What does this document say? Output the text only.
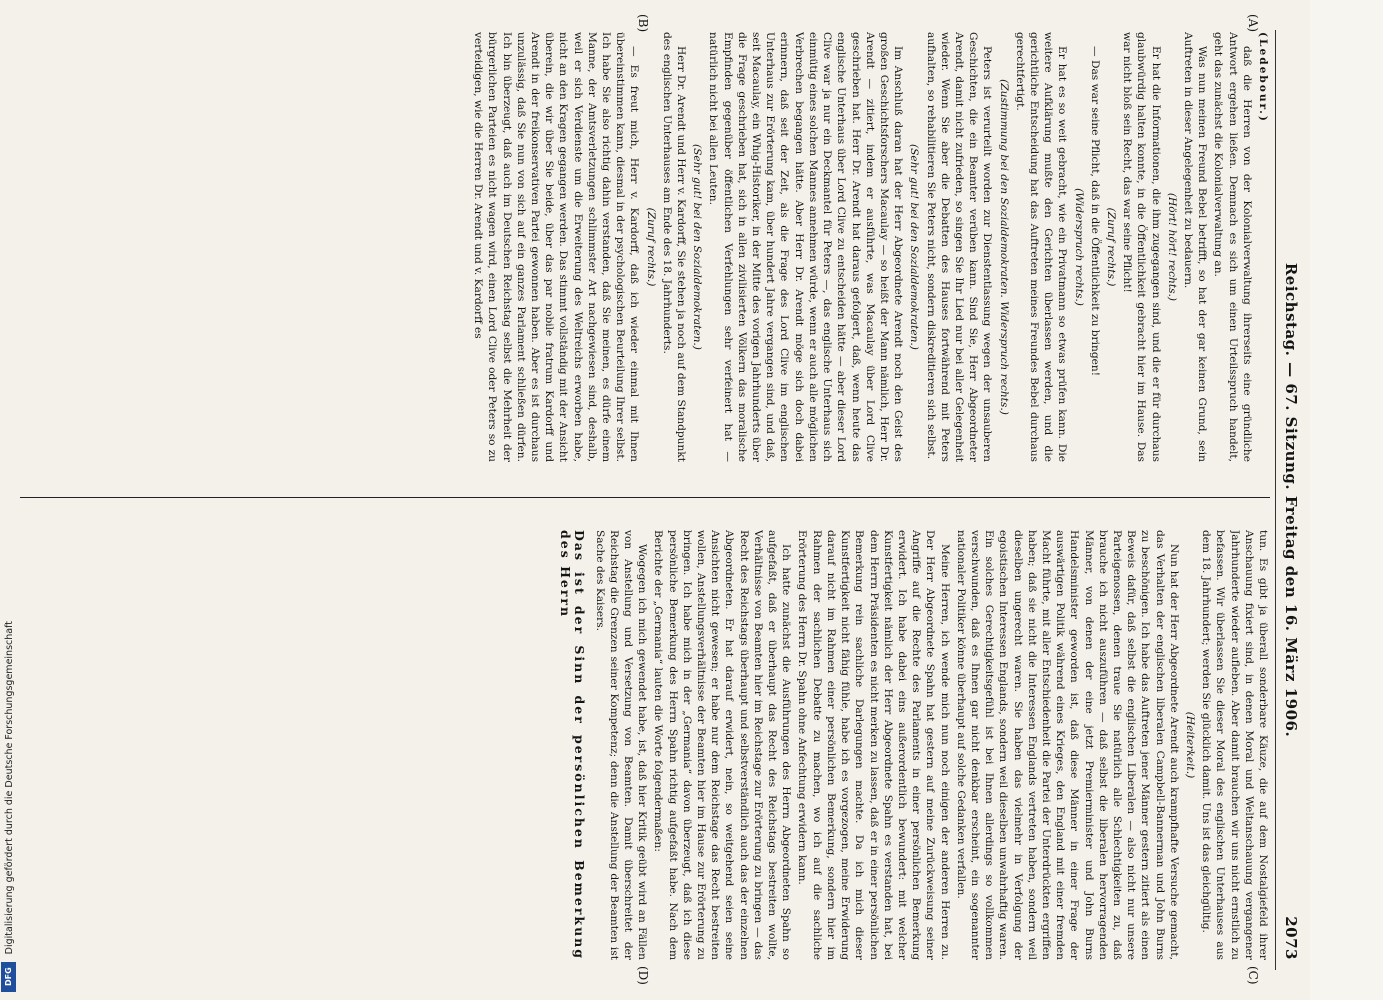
Reichstag. — 67. Sitzung. Freitag den 16. März 1906.
2073
(A)
(B)
(C)
(D)

(Ledebour.)

daß die Herren von der Kolonialverwaltung ihrerseits eine gründliche Antwort ergehen ließen. Demnach es sich um einen Urteilsspruch handelt, geht das zunächst die Kolonialverwaltung an.

Was nun meinen Freund Bebel betrifft, so hat der gar keinen Grund, sein Auftreten in dieser Angelegenheit zu bedauern.

(Hört! hört! rechts.)

Er hat die Informationen, die ihm zugegangen sind, und die er für durchaus glaubwürdig halten konnte, in die Öffentlichkeit gebracht hier im Hause. Das war nicht bloß sein Recht, das war seine Pflicht!

(Zuruf rechts.)

— Das war seine Pflicht, daß in die Öffentlichkeit zu bringen!

(Widerspruch rechts.)

Er hat es so weit gebracht, wie ein Privatmann so etwas prüfen kann. Die weitere Aufklärung mußte den Gerichten überlassen werden, und die gerichtliche Entscheidung hat das Auftreten meines Freundes Bebel durchaus gerechtfertigt.

(Zustimmung bei den Sozialdemokraten. Widerspruch rechts.)

Peters ist verurteilt worden zur Dienstentlassung wegen der unsauberen Geschichten, die ein Beamter verüben kann. Sind Sie, Herr Abgeordneter Arendt, damit nicht zufrieden, so singen Sie Ihr Lied nur bei aller Gelegenheit wieder. Wenn Sie aber die Debatten des Hauses fortwährend mit Peters aufhalten, so rehabilitieren Sie Peters nicht, sondern diskreditieren sich selbst.

(Sehr gut! bei den Sozialdemokraten.)

Im Anschluß daran hat der Herr Abgeordnete Arendt noch den Geist des großen Geschichtsforschers Macaulay — so heißt der Mann nämlich, Herr Dr. Arendt — zitiert, indem er ausführte, was Macaulay über Lord Clive geschrieben hat. Herr Dr. Arendt hat daraus gefolgert, daß, wenn heute das englische Unterhaus über Lord Clive zu entscheiden hätte — aber dieser Lord Clive war ja nur ein Deckmantel für Peters —, das englische Unterhaus sich einmütig eines solchen Mannes annehmen würde, wenn er auch alle möglichen Verbrechen begangen hätte. Aber Herr Dr. Arendt möge sich doch dabei erinnern, daß seit der Zeit, als die Frage des Lord Clive im englischen Unterhaus zur Erörterung kam, über hundert Jahre vergangen sind, und daß, seit Macaulay, ein Whig-Historiker, in der Mitte des vorigen Jahrhunderts über die Frage geschrieben hat, sich in allen zivilisierten Völkern das moralische Empfinden gegenüber öffentlichen Verfehlungen sehr verfeinert hat — natürlich nicht bei allen Leuten.

(Sehr gut! bei den Sozialdemokraten.)

Herr Dr. Arendt und Herr v. Kardorff, Sie stehen ja noch auf dem Standpunkt des englischen Unterhauses am Ende des 18. Jahrhunderts.

(Zuruf rechts.)

— Es freut mich, Herr v. Kardorff, daß ich wieder einmal mit Ihnen übereinstimmen kann, diesmal in der psychologischen Beurteilung Ihrer selbst. Ich habe Sie also richtig dahin verstanden, daß Sie meinen, es dürfe einem Manne, der Amtsverletzungen schlimmster Art nachgewiesen sind, deshalb, weil er sich Verdienste um die Erweiterung des Weltreichs erworben habe, nicht an den Kragen gegangen werden. Das stimmt vollständig mit der Ansicht überein, die wir über Sie beide, über das par nobile fratrum Kardorff und Arendt in der freikonservativen Partei gewonnen haben. Aber es ist durchaus unzulässig, daß Sie nun von sich auf ein ganzes Parlament schließen dürfen. Ich bin überzeugt, daß auch im Deutschen Reichstag selbst die Mehrheit der bürgerlichen Parteien es nicht wagen wird, einen Lord Clive oder Peters so zu verteidigen, wie die Herren Dr. Arendt und v. Kardorff es

tun. Es gibt ja überall sonderbare Käuze, die auf dem Nostalgiefeld ihrer Anschauung fixiert sind, in denen Moral und Weltanschauung vergangener Jahrhunderte wieder aufleben. Aber damit brauchen wir uns nicht ernstlich zu befassen. Wir überlassen Sie dieser Moral des englischen Unterhauses aus dem 18. Jahrhundert; werden Sie glücklich damit. Uns ist das gleichgültig.

(Heiterkeit.)

Nun hat der Herr Abgeordnete Arendt auch krampfhafte Versuche gemacht, das Verhalten der englischen liberalen Campbell-Bannerman und John Burns zu beschönigen. Ich habe das Auftreten jener Männer gestern zitiert als einen Beweis dafür, daß selbst die englischen Liberalen — also nicht nur unsere Parteigenossen, denen traue Sie natürlich alle Schlechtigkeiten zu, daß brauche ich nicht auszuführen — daß selbst die liberalen hervorragenden Männer, von denen der eine jetzt Premierminister und John Burns Handelsminister geworden ist, daß diese Männer in einer Frage der auswärtigen Politik während eines Krieges, den England mit einer fremden Macht führte, mit aller Entschiedenheit die Partei der Unterdrückten ergriffen haben; daß sie nicht die Interessen Englands vertreten haben, sondern weil dieselben ungerecht waren. Sie haben das vielmehr in Verfolgung der egoistischen Interessen Englands, sondern weil dieselben unwahrhaftig waren. Ein solches Gerechtigkeitsgefühl ist bei Ihnen allerdings so vollkommen verschwunden, daß es Ihnen gar nicht denkbar erscheint, ein sogenannter nationaler Politiker könne überhaupt auf solche Gedanken verfallen.

Meine Herren, ich wende mich nun noch einigen der anderen Herren zu. Der Herr Abgeordnete Spahn hat gestern auf meine Zurückweisung seiner Angriffe auf die Rechte des Parlaments in einer persönlichen Bemerkung erwidert. Ich habe dabei eins außerordentlich bewundert: mit welcher Kunstfertigkeit nämlich der Herr Abgeordnete Spahn es verstanden hat, bei dem Herrn Präsidenten es nicht merken zu lassen, daß er in einer persönlichen Bemerkung rein sachliche Darlegungen machte. Da ich mich dieser Kunstfertigkeit nicht fähig fühle, habe ich es vorgezogen, meine Erwiderung darauf nicht im Rahmen einer persönlichen Bemerkung, sondern hier im Rahmen der sachlichen Debatte zu machen, wo ich auf die sachliche Erörterung des Herrn Dr. Spahn ohne Anfechtung erwidern kann.

Ich hatte zunächst die Ausführungen des Herrn Abgeordneten Spahn so aufgefaßt, daß er überhaupt das Recht des Reichstags bestreiten wollte, Verhältnisse von Beamten hier im Reichstage zur Erörterung zu bringen — das Recht des Reichstags überhaupt und selbstverständlich auch das der einzelnen Abgeordneten. Er hat darauf erwidert, nein, so weitgehend seien seine Ansichten nicht gewesen; er habe nur dem Reichstage das Recht bestreiten wollen, Anstellungsverhältnisse der Beamten hier im Hause zur Erörterung zu bringen. Ich habe mich in der „Germania“ davon überzeugt, daß ich diese persönliche Bemerkung des Herrn Spahn richtig aufgefaßt habe. Nach dem Berichte der „Germania“ lauten die Worte folgendermaßen:

Wogegen ich mich gewendet habe, ist, daß hier Kritik geübt wird an Fällen von Anstellung und Versetzung von Beamten. Damit überschreitet der Reichstag die Grenzen seiner Kompetenz; denn die Anstellung der Beamten ist Sache des Kaisers.

Das ist der Sinn der persönlichen Bemerkung des Herrn

Digitalisierung gefördert durch die Deutsche Forschungsgemeinschaft
DFG
